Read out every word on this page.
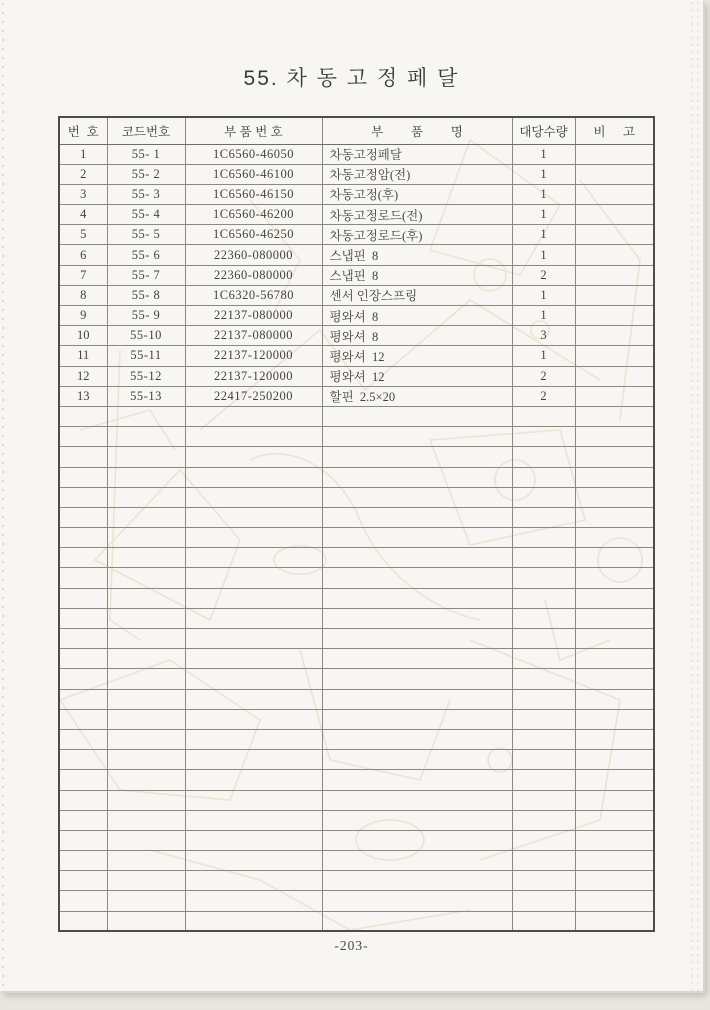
55. 차 동 고 정 페 달
번  호	코드번호	부 품 번 호	부        품        명	대당수량	비     고
1	55- 1	1C6560-46050	차동고정페달	1	
2	55- 2	1C6560-46100	차동고정암(전)	1	
3	55- 3	1C6560-46150	차동고정(후)	1	
4	55- 4	1C6560-46200	차동고정로드(전)	1	
5	55- 5	1C6560-46250	차동고정로드(후)	1	
6	55- 6	22360-080000	스냅핀  8	1	
7	55- 7	22360-080000	스냅핀  8	2	
8	55- 8	1C6320-56780	센서 인장스프링	1	
9	55- 9	22137-080000	평와셔  8	1	
10	55-10	22137-080000	평와셔  8	3	
11	55-11	22137-120000	평와셔  12	1	
12	55-12	22137-120000	평와셔  12	2	
13	55-13	22417-250200	할핀  2.5×20	2	

-203-
